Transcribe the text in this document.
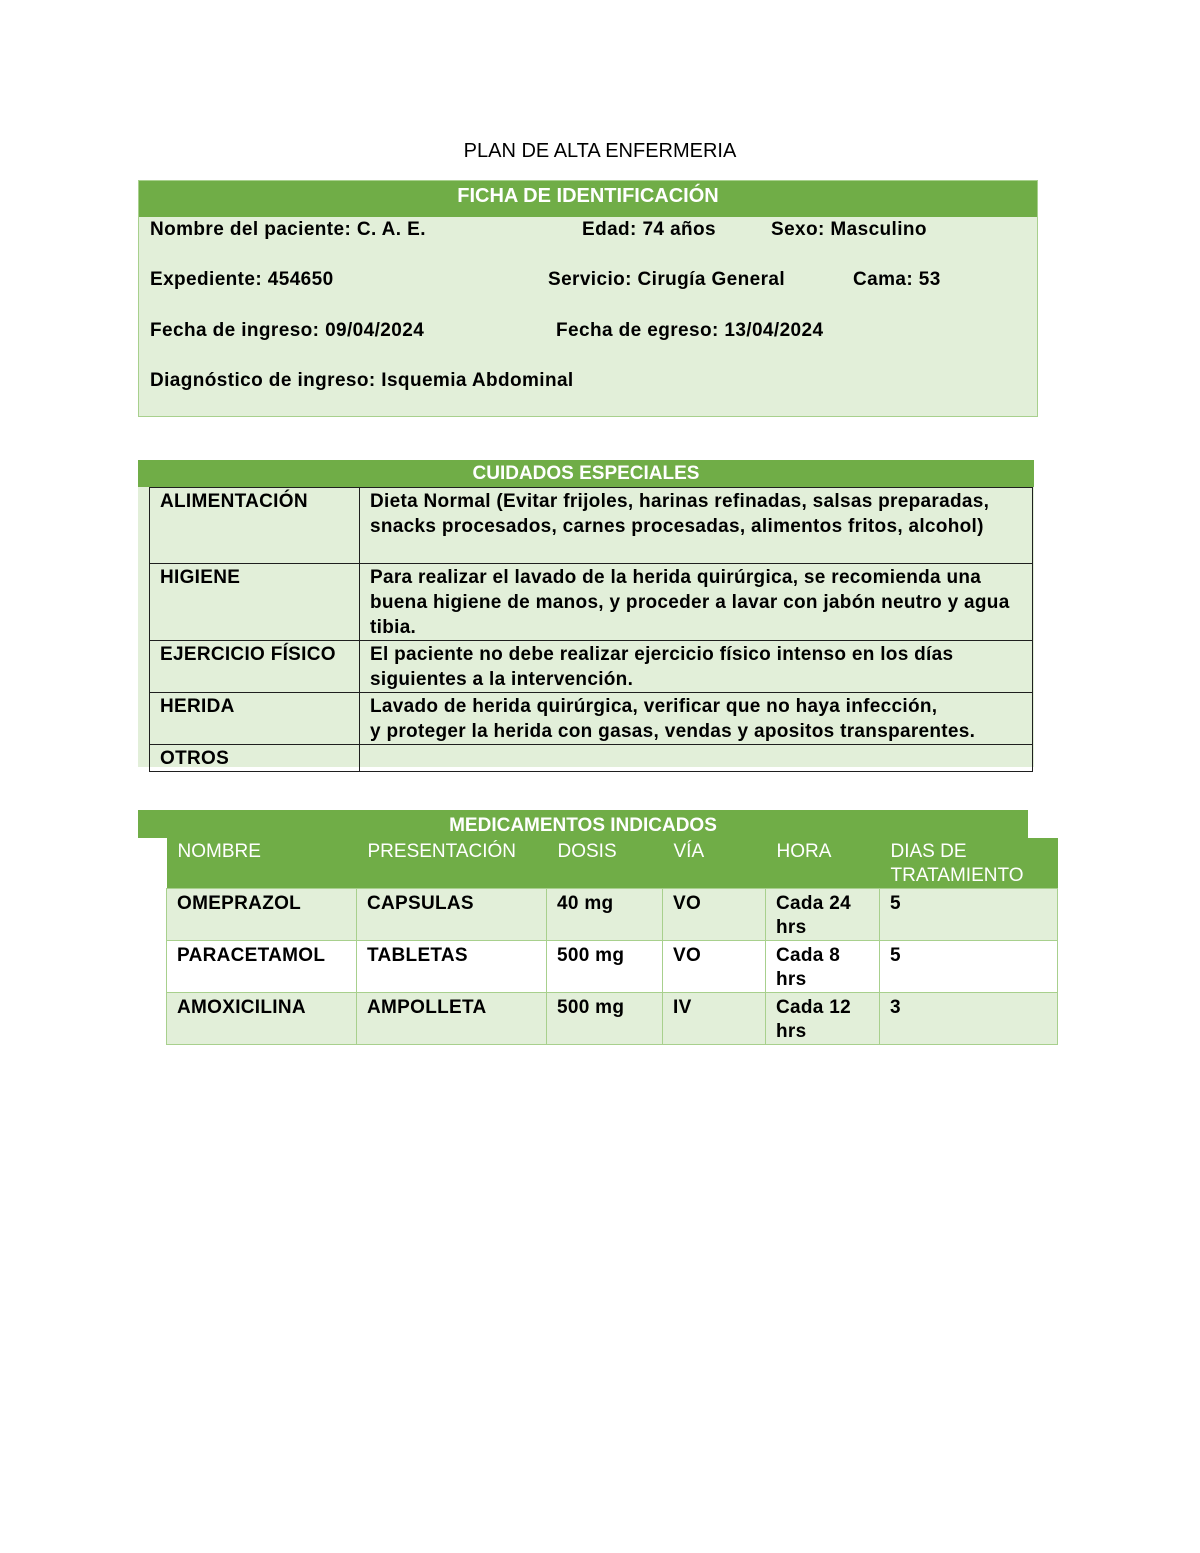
PLAN DE ALTA ENFERMERIA
FICHA DE IDENTIFICACIÓN
Nombre del paciente: C. A. E.	Edad: 74 años	Sexo: Masculino
Expediente: 454650	Servicio: Cirugía General	Cama: 53
Fecha de ingreso: 09/04/2024	Fecha de egreso: 13/04/2024
Diagnóstico de ingreso: Isquemia Abdominal
CUIDADOS ESPECIALES
ALIMENTACIÓN	Dieta Normal (Evitar frijoles, harinas refinadas, salsas preparadas, snacks procesados, carnes procesadas, alimentos fritos, alcohol)
HIGIENE	Para realizar el lavado de la herida quirúrgica, se recomienda una buena higiene de manos, y proceder a lavar con jabón neutro y agua tibia.
EJERCICIO FÍSICO	El paciente no debe realizar ejercicio físico intenso en los días siguientes a la intervención.
HERIDA	Lavado de herida quirúrgica, verificar que no haya infección,
y proteger la herida con gasas, vendas y apositos transparentes.
OTROS	
MEDICAMENTOS INDICADOS
NOMBRE	PRESENTACIÓN	DOSIS	VÍA	HORA	DIAS DE TRATAMIENTO
OMEPRAZOL	CAPSULAS	40 mg	VO	Cada 24 hrs	5
PARACETAMOL	TABLETAS	500 mg	VO	Cada 8 hrs	5
AMOXICILINA	AMPOLLETA	500 mg	IV	Cada 12 hrs	3
